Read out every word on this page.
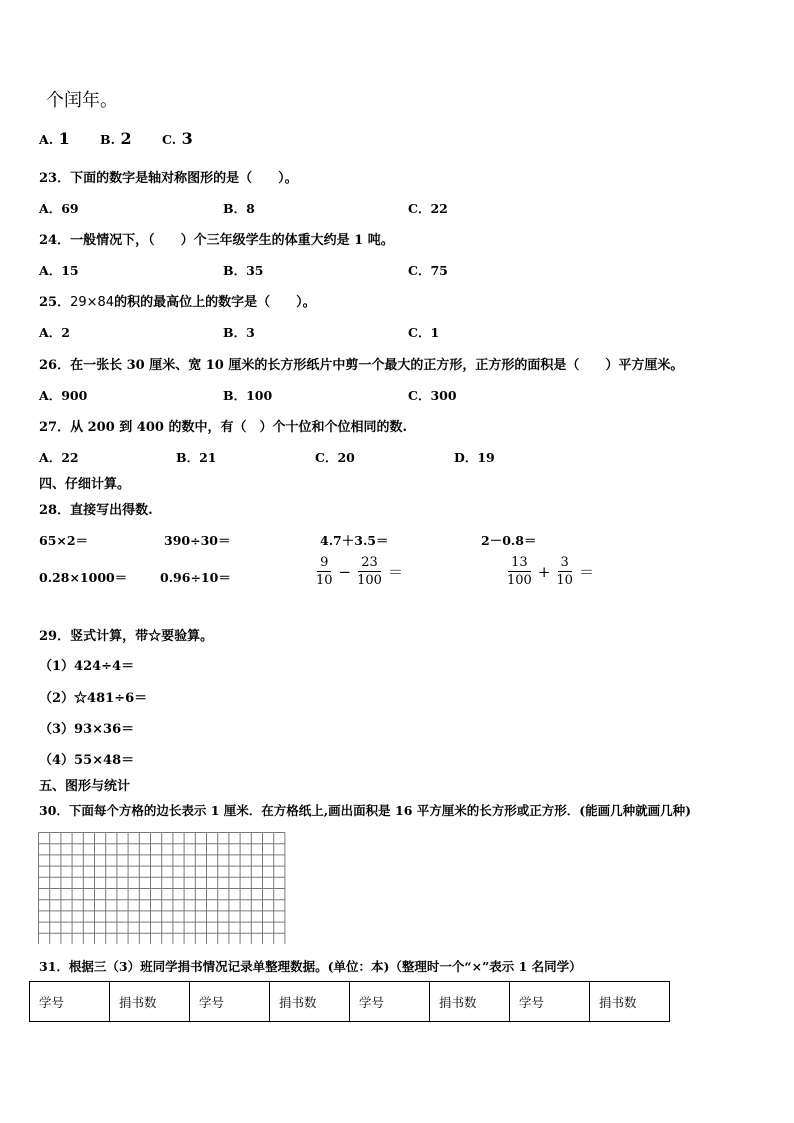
个闰年。
A. 1 B. 2 C. 3
23．下面的数字是轴对称图形的是（　　）。
A．69	B．8	C．22
24．一般情况下，（　　）个三年级学生的体重大约是 1 吨。
A．15	B．35	C．75
25．29×84的积的最高位上的数字是（　　）。
A．2	B．3	C．1
26．在一张长 30 厘米、宽 10 厘米的长方形纸片中剪一个最大的正方形，正方形的面积是（　　）平方厘米。
A．900	B．100	C．300
27．从 200 到 400 的数中，有（　）个十位和个位相同的数.
A．22	B．21	C．20	D．19
四、仔细计算。
28．直接写出得数.
65×2＝	390÷30＝	4.7＋3.5＝	2－0.8＝
0.28×1000＝	0.96÷10＝	$\frac{9}{10} - \frac{23}{100}$ ＝	$\frac{13}{100} + \frac{3}{10}$ ＝
29．竖式计算，带☆要验算。
（1）424÷4＝
（2）☆481÷6＝
（3）93×36＝
（4）55×48＝
五、图形与统计
30．下面每个方格的边长表示 1 厘米．在方格纸上,画出面积是 16 平方厘米的长方形或正方形．(能画几种就画几种)
31．根据三（3）班同学捐书情况记录单整理数据。(单位：本)（整理时一个“×”表示 1 名同学）
学号	捐书数	学号	捐书数	学号	捐书数	学号	捐书数
